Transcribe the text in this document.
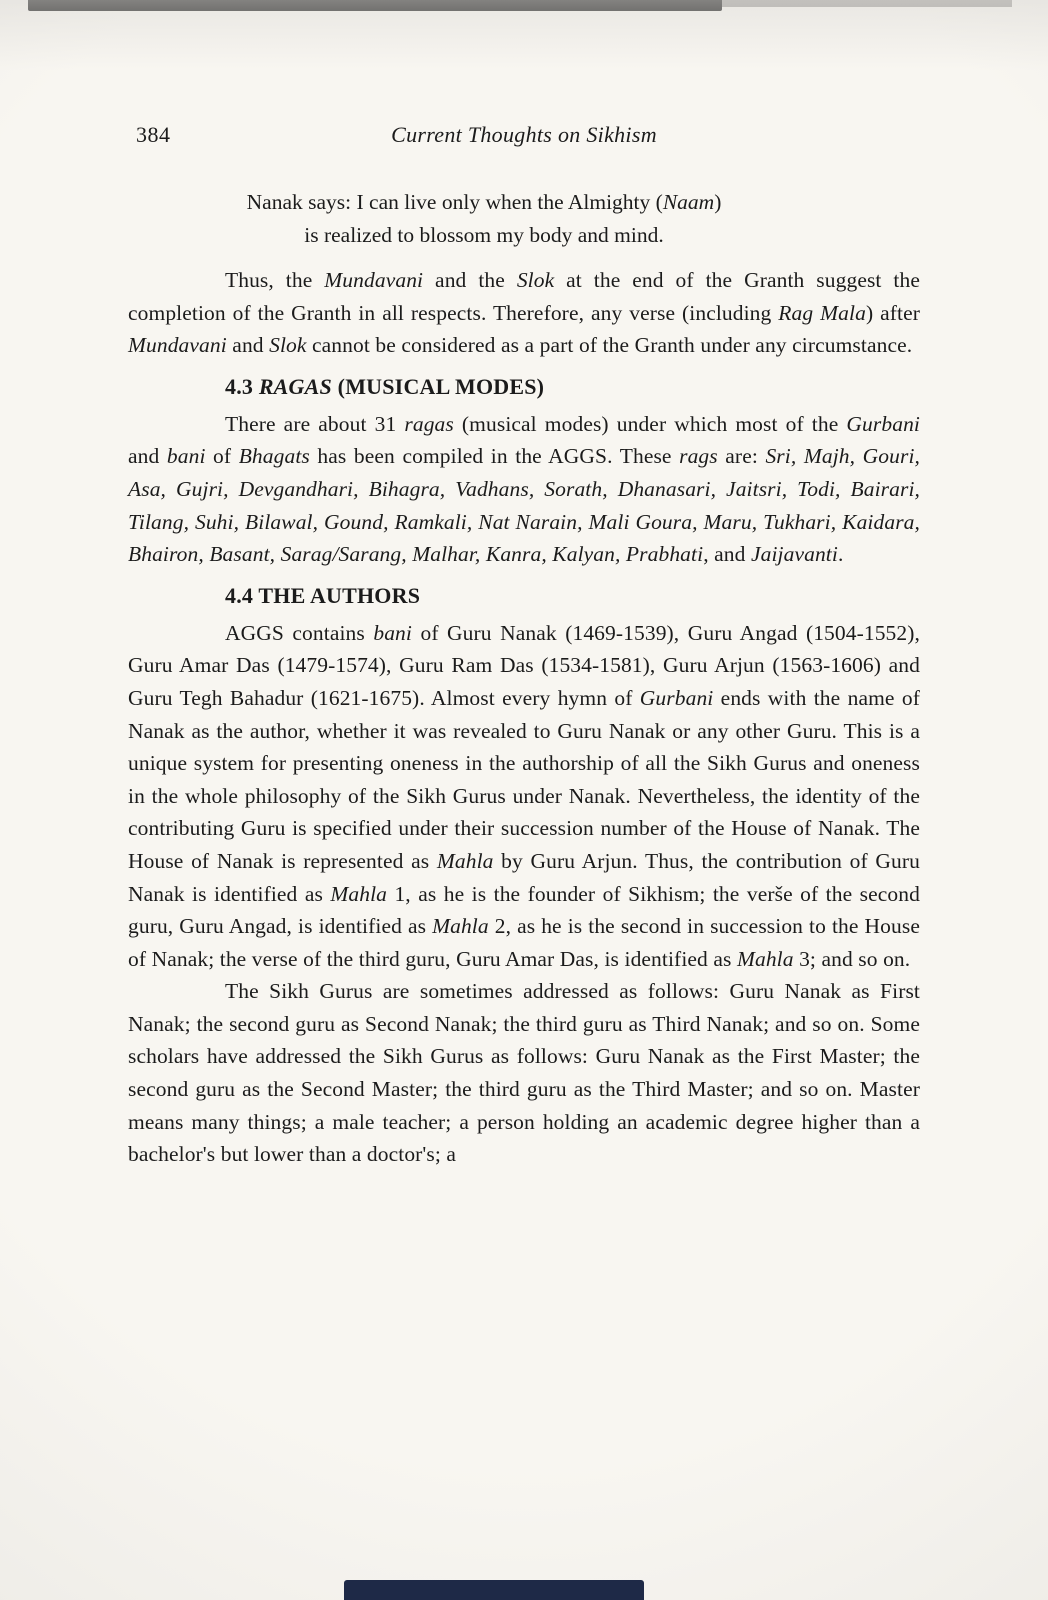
384	Current Thoughts on Sikhism
Nanak says: I can live only when the Almighty (Naam)
is realized to blossom my body and mind.

Thus, the Mundavani and the Slok at the end of the Granth suggest the completion of the Granth in all respects. Therefore, any verse (including Rag Mala) after Mundavani and Slok cannot be considered as a part of the Granth under any circumstance.

4.3 RAGAS (MUSICAL MODES)

There are about 31 ragas (musical modes) under which most of the Gurbani and bani of Bhagats has been compiled in the AGGS. These rags are: Sri, Majh, Gouri, Asa, Gujri, Devgandhari, Bihagra, Vadhans, Sorath, Dhanasari, Jaitsri, Todi, Bairari, Tilang, Suhi, Bilawal, Gound, Ramkali, Nat Narain, Mali Goura, Maru, Tukhari, Kaidara, Bhairon, Basant, Sarag/Sarang, Malhar, Kanra, Kalyan, Prabhati, and Jaijavanti.

4.4 THE AUTHORS

AGGS contains bani of Guru Nanak (1469-1539), Guru Angad (1504-1552), Guru Amar Das (1479-1574), Guru Ram Das (1534-1581), Guru Arjun (1563-1606) and Guru Tegh Bahadur (1621-1675). Almost every hymn of Gurbani ends with the name of Nanak as the author, whether it was revealed to Guru Nanak or any other Guru. This is a unique system for presenting oneness in the authorship of all the Sikh Gurus and oneness in the whole philosophy of the Sikh Gurus under Nanak. Nevertheless, the identity of the contributing Guru is specified under their succession number of the House of Nanak. The House of Nanak is represented as Mahla by Guru Arjun. Thus, the contribution of Guru Nanak is identified as Mahla 1, as he is the founder of Sikhism; the verše of the second guru, Guru Angad, is identified as Mahla 2, as he is the second in succession to the House of Nanak; the verse of the third guru, Guru Amar Das, is identified as Mahla 3; and so on.

The Sikh Gurus are sometimes addressed as follows: Guru Nanak as First Nanak; the second guru as Second Nanak; the third guru as Third Nanak; and so on. Some scholars have addressed the Sikh Gurus as follows: Guru Nanak as the First Master; the second guru as the Second Master; the third guru as the Third Master; and so on. Master means many things; a male teacher; a person holding an academic degree higher than a bachelor's but lower than a doctor's; a
